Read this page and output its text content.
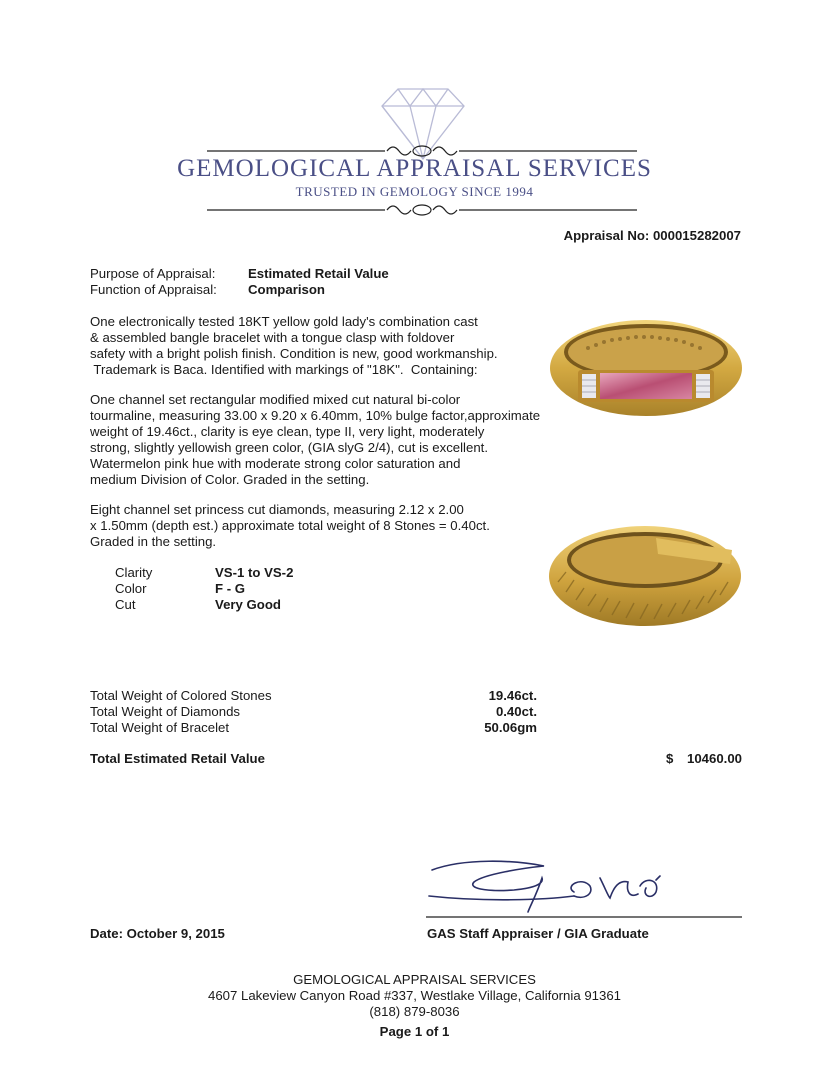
GEMOLOGICAL APPRAISAL SERVICES
TRUSTED IN GEMOLOGY SINCE 1994
Appraisal No: 000015282007
Purpose of Appraisal: Estimated Retail Value
Function of Appraisal: Comparison
One electronically tested 18KT yellow gold lady's combination cast
& assembled bangle bracelet with a tongue clasp with foldover
safety with a bright polish finish. Condition is new, good workmanship.
Trademark is Baca. Identified with markings of "18K".  Containing:
One channel set rectangular modified mixed cut natural bi-color
tourmaline, measuring 33.00 x 9.20 x 6.40mm, 10% bulge factor,approximate
weight of 19.46ct., clarity is eye clean, type II, very light, moderately
strong, slightly yellowish green color, (GIA slyG 2/4), cut is excellent.
Watermelon pink hue with moderate strong color saturation and
medium Division of Color. Graded in the setting.
Eight channel set princess cut diamonds, measuring 2.12 x 2.00
x 1.50mm (depth est.) approximate total weight of 8 Stones = 0.40ct.
Graded in the setting.
Clarity	VS-1 to VS-2
Color	F - G
Cut	Very Good
Total Weight of Colored Stones	19.46ct.
Total Weight of Diamonds	0.40ct.
Total Weight of Bracelet	50.06gm
Total Estimated Retail Value	$ 10460.00
Date: October 9, 2015	GAS Staff Appraiser / GIA Graduate
GEMOLOGICAL APPRAISAL SERVICES
4607 Lakeview Canyon Road #337, Westlake Village, California 91361
(818) 879-8036
Page 1 of 1
